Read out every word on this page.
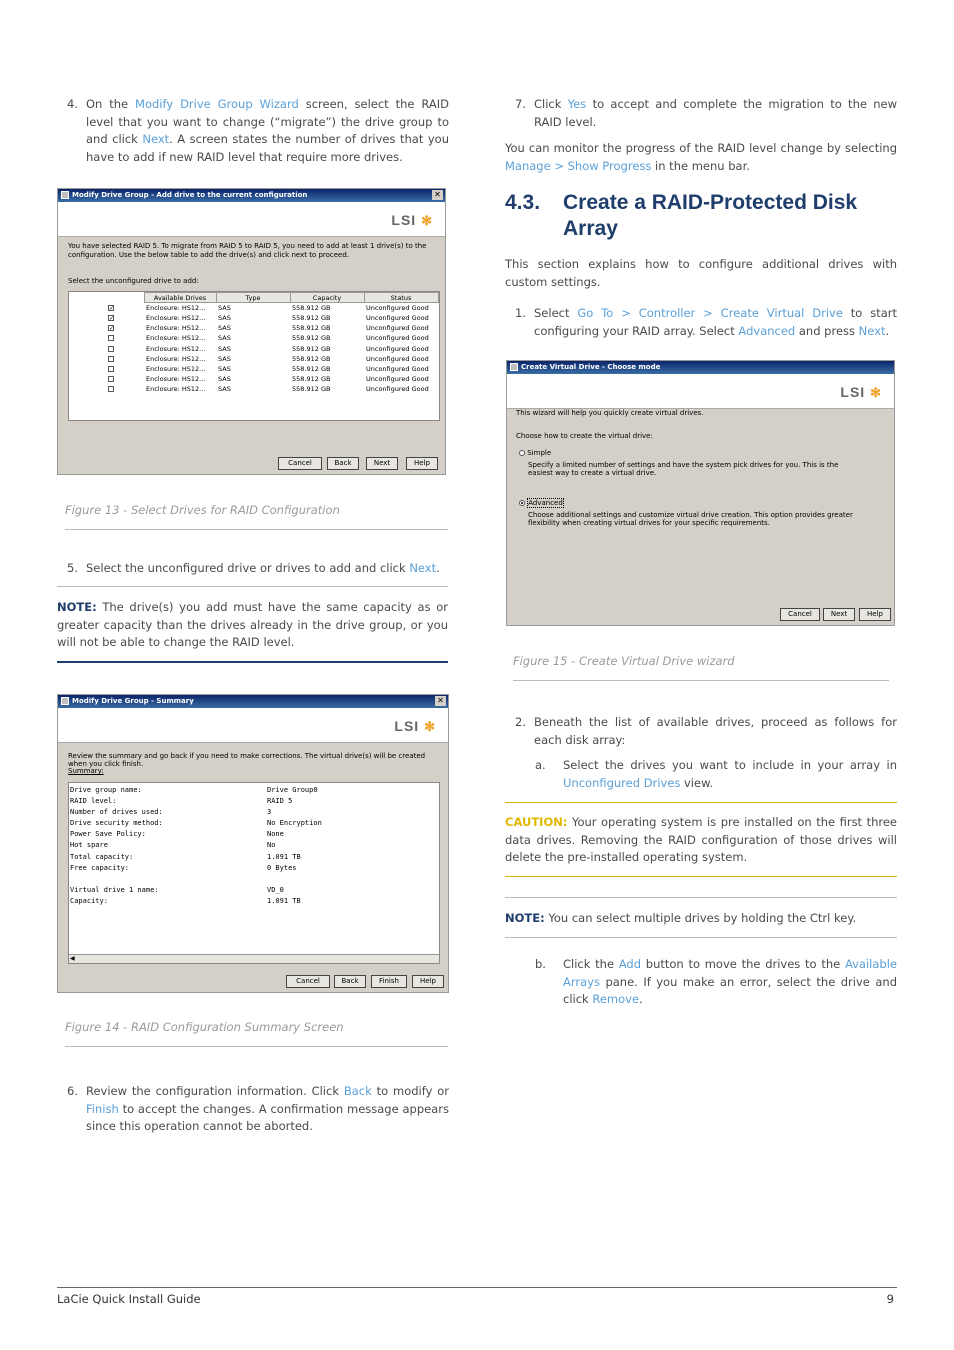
4. On the Modify Drive Group Wizard screen, select the RAID level that you want to change (“migrate”) the drive group to and click Next. A screen states the number of drives that you have to add if new RAID level that require more drives.
Modify Drive Group - Add drive to the current configuration	✕
LSI ✻
You have selected RAID 5. To migrate from RAID 5 to RAID 5, you need to add at least 1 drive(s) to the configuration. Use the below table to add the drive(s) and click next to proceed.
Select the unconfigured drive to add:
	Available Drives	Type	Capacity	Status
✓	Enclosure: HS12...	SAS	558.912 GB	Unconfigured Good
✓	Enclosure: HS12...	SAS	558.912 GB	Unconfigured Good
✓	Enclosure: HS12...	SAS	558.912 GB	Unconfigured Good
	Enclosure: HS12...	SAS	558.912 GB	Unconfigured Good
	Enclosure: HS12...	SAS	558.912 GB	Unconfigured Good
	Enclosure: HS12...	SAS	558.912 GB	Unconfigured Good
	Enclosure: HS12...	SAS	558.912 GB	Unconfigured Good
	Enclosure: HS12...	SAS	558.912 GB	Unconfigured Good
	Enclosure: HS12...	SAS	558.912 GB	Unconfigured Good
Cancel	Back	Next	Help
Figure 13 - Select Drives for RAID Configuration
5. Select the unconfigured drive or drives to add and click Next.
NOTE: The drive(s) you add must have the same capacity as or greater capacity than the drives already in the drive group, or you will not be able to change the RAID level.
Modify Drive Group - Summary	✕
LSI ✻
Review the summary and go back if you need to make corrections. The virtual drive(s) will be created when you click finish.
Summary:
Drive group name:	Drive Group0
RAID level:	RAID 5
Number of drives used:	3
Drive security method:	No Encryption
Power Save Policy:	None
Hot spare	No
Total capacity:	1.091 TB
Free capacity:	0 Bytes
Virtual drive 1 name:	VD_0
Capacity:	1.091 TB
◀
Cancel	Back	Finish	Help
Figure 14 - RAID Configuration Summary Screen
6. Review the configuration information. Click Back to modify or Finish to accept the changes. A confirmation message appears since this operation cannot be aborted.
7. Click Yes to accept and complete the migration to the new RAID level.
You can monitor the progress of the RAID level change by selecting Manage > Show Progress in the menu bar.
4.3.	Create a RAID-Protected Disk Array
This section explains how to configure additional drives with custom settings.
1. Select Go To > Controller > Create Virtual Drive to start configuring your RAID array. Select Advanced and press Next.
Create Virtual Drive - Choose mode
LSI ✻
This wizard will help you quickly create virtual drives.
Choose how to create the virtual drive:
Simple
Specify a limited number of settings and have the system pick drives for you. This is the easiest way to create a virtual drive.
Advanced
Choose additional settings and customize virtual drive creation. This option provides greater flexibility when creating virtual drives for your specific requirements.
Cancel	Next	Help
Figure 15 - Create Virtual Drive wizard
2. Beneath the list of available drives, proceed as follows for each disk array:
a. Select the drives you want to include in your array in Unconfigured Drives view.
CAUTION: Your operating system is pre installed on the first three data drives. Removing the RAID configuration of those drives will delete the pre-installed operating system.
NOTE: You can select multiple drives by holding the Ctrl key.
b. Click the Add button to move the drives to the Available Arrays pane. If you make an error, select the drive and click Remove.
LaCie Quick Install Guide	9
